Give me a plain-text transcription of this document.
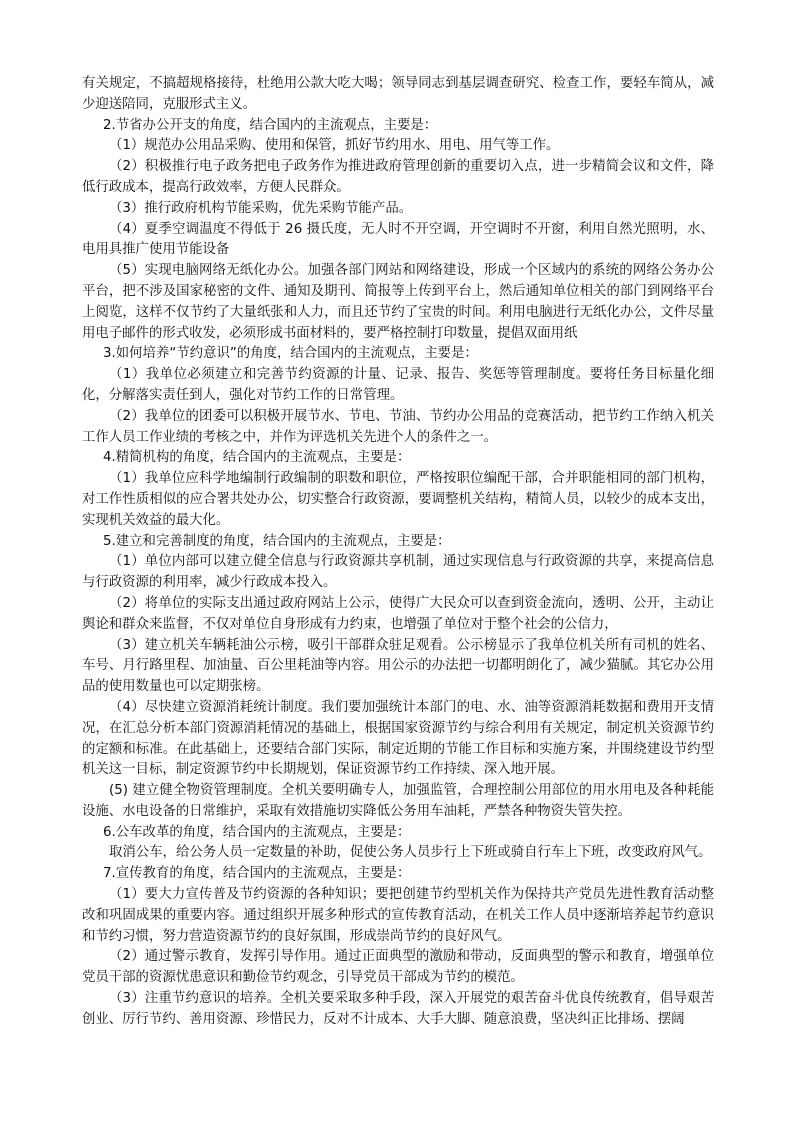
有关规定，不搞超规格接待，杜绝用公款大吃大喝；领导同志到基层调查研究、检查工作，要轻车简从，减少迎送陪同，克服形式主义。

2.节省办公开支的角度，结合国内的主流观点，主要是：

（1）规范办公用品采购、使用和保管，抓好节约用水、用电、用气等工作。

（2）积极推行电子政务把电子政务作为推进政府管理创新的重要切入点，进一步精简会议和文件，降低行政成本，提高行政效率，方便人民群众。

（3）推行政府机构节能采购，优先采购节能产品。

（4）夏季空调温度不得低于 26 摄氏度，无人时不开空调，开空调时不开窗，利用自然光照明，水、电用具推广使用节能设备

（5）实现电脑网络无纸化办公。加强各部门网站和网络建设，形成一个区域内的系统的网络公务办公平台，把不涉及国家秘密的文件、通知及期刊、简报等上传到平台上，然后通知单位相关的部门到网络平台上阅览，这样不仅节约了大量纸张和人力，而且还节约了宝贵的时间。利用电脑进行无纸化办公，文件尽量用电子邮件的形式收发，必须形成书面材料的，要严格控制打印数量，提倡双面用纸

3.如何培养“节约意识”的角度，结合国内的主流观点，主要是：

（1）我单位必须建立和完善节约资源的计量、记录、报告、奖惩等管理制度。要将任务目标量化细化，分解落实责任到人，强化对节约工作的日常管理。

（2）我单位的团委可以积极开展节水、节电、节油、节约办公用品的竞赛活动，把节约工作纳入机关工作人员工作业绩的考核之中，并作为评选机关先进个人的条件之一。

4.精简机构的角度，结合国内的主流观点，主要是：

（1）我单位应科学地编制行政编制的职数和职位，严格按职位编配干部，合并职能相同的部门机构，对工作性质相似的应合署共处办公，切实整合行政资源，要调整机关结构，精简人员，以较少的成本支出，实现机关效益的最大化。

5.建立和完善制度的角度，结合国内的主流观点，主要是：

（1）单位内部可以建立健全信息与行政资源共享机制，通过实现信息与行政资源的共享，来提高信息与行政资源的利用率，减少行政成本投入。

（2）将单位的实际支出通过政府网站上公示，使得广大民众可以查到资金流向，透明、公开，主动让舆论和群众来监督，不仅对单位自身形成有力约束，也增强了单位对于整个社会的公信力，

（3）建立机关车辆耗油公示榜，吸引干部群众驻足观看。公示榜显示了我单位机关所有司机的姓名、车号、月行路里程、加油量、百公里耗油等内容。用公示的办法把一切都明朗化了，减少猫腻。其它办公用品的使用数量也可以定期张榜。

（4）尽快建立资源消耗统计制度。我们要加强统计本部门的电、水、油等资源消耗数据和费用开支情况，在汇总分析本部门资源消耗情况的基础上，根据国家资源节约与综合利用有关规定，制定机关资源节约的定额和标准。在此基础上，还要结合部门实际，制定近期的节能工作目标和实施方案，并围绕建设节约型机关这一目标，制定资源节约中长期规划，保证资源节约工作持续、深入地开展。

(5) 建立健全物资管理制度。全机关要明确专人，加强监管，合理控制公用部位的用水用电及各种耗能设施、水电设备的日常维护，采取有效措施切实降低公务用车油耗，严禁各种物资失管失控。

6.公车改革的角度，结合国内的主流观点，主要是：

取消公车，给公务人员一定数量的补助，促使公务人员步行上下班或骑自行车上下班，改变政府风气。

7.宣传教育的角度，结合国内的主流观点，主要是：

（1）要大力宣传普及节约资源的各种知识；要把创建节约型机关作为保持共产党员先进性教育活动整改和巩固成果的重要内容。通过组织开展多种形式的宣传教育活动，在机关工作人员中逐渐培养起节约意识和节约习惯，努力营造资源节约的良好氛围，形成崇尚节约的良好风气。

（2）通过警示教育，发挥引导作用。通过正面典型的激励和带动，反面典型的警示和教育，增强单位党员干部的资源忧患意识和勤俭节约观念，引导党员干部成为节约的模范。

（3）注重节约意识的培养。全机关要采取多种手段，深入开展党的艰苦奋斗优良传统教育，倡导艰苦创业、厉行节约、善用资源、珍惜民力，反对不计成本、大手大脚、随意浪费，坚决纠正比排场、摆阔
